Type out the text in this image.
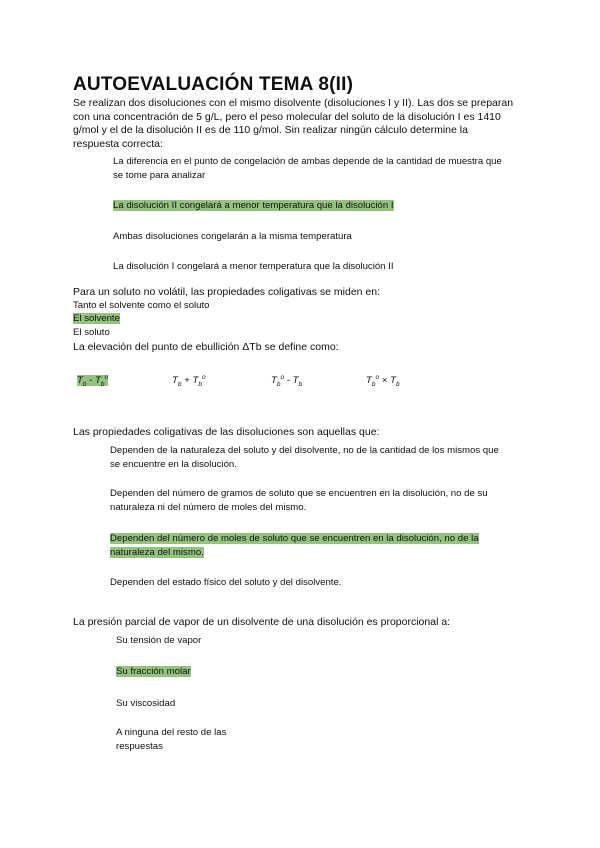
AUTOEVALUACIÓN TEMA 8(II)
Se realizan dos disoluciones con el mismo disolvente (disoluciones I y II). Las dos se preparan
con una concentración de 5 g/L, pero el peso molecular del soluto de la disolución I es 1410
g/mol y el de la disolución II es de 110 g/mol. Sin realizar ningún cálculo determine la
respuesta correcta:
La diferencia en el punto de congelación de ambas depende de la cantidad de muestra que
se tome para analizar
La disolución II congelará a menor temperatura que la disolución I
Ambas disoluciones congelarán a la misma temperatura
La disolución I congelará a menor temperatura que la disolución II
Para un soluto no volátil, las propiedades coligativas se miden en:
Tanto el solvente como el soluto
El solvente
El soluto
La elevación del punto de ebullición ΔTb se define como:
$T_b - T_b^o$	$T_b + T_b^o$	$T_b^o - T_b$	$T_b^o \times T_b$
Las propiedades coligativas de las disoluciones son aquellas que:
Dependen de la naturaleza del soluto y del disolvente, no de la cantidad de los mismos que
se encuentre en la disolución.
Dependen del número de gramos de soluto que se encuentren en la disolución, no de su
naturaleza ni del número de moles del mismo.
Dependen del número de moles de soluto que se encuentren en la disolución, no de la
naturaleza del mismo.
Dependen del estado físico del soluto y del disolvente.
La presión parcial de vapor de un disolvente de una disolución es proporcional a:
Su tensión de vapor
Su fracción molar
Su viscosidad
A ninguna del resto de las
respuestas
